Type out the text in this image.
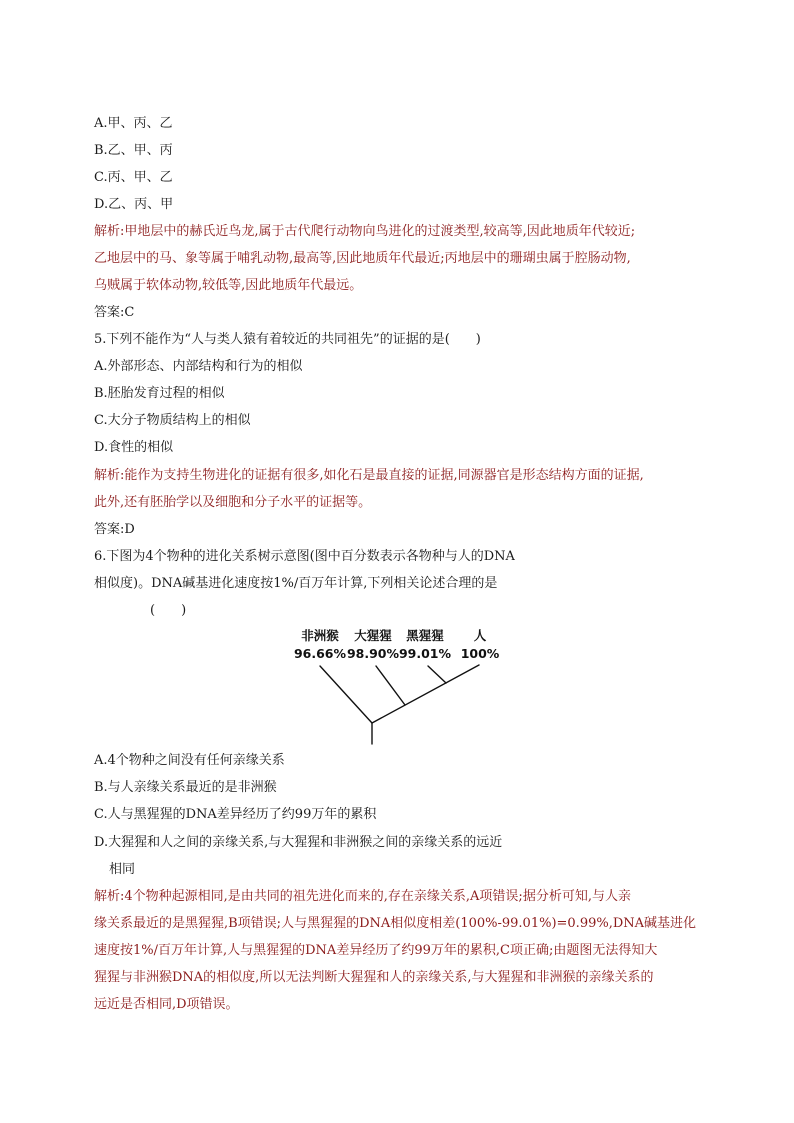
A.甲、丙、乙
B.乙、甲、丙
C.丙、甲、乙
D.乙、丙、甲
解析:甲地层中的赫氏近鸟龙,属于古代爬行动物向鸟进化的过渡类型,较高等,因此地质年代较近;
乙地层中的马、象等属于哺乳动物,最高等,因此地质年代最近;丙地层中的珊瑚虫属于腔肠动物,
乌贼属于软体动物,较低等,因此地质年代最远。
答案:C
5.下列不能作为“人与类人猿有着较近的共同祖先”的证据的是(　　)
A.外部形态、内部结构和行为的相似
B.胚胎发育过程的相似
C.大分子物质结构上的相似
D.食性的相似
解析:能作为支持生物进化的证据有很多,如化石是最直接的证据,同源器官是形态结构方面的证据,
此外,还有胚胎学以及细胞和分子水平的证据等。
答案:D
6.下图为4个物种的进化关系树示意图(图中百分数表示各物种与人的DNA
相似度)。DNA碱基进化速度按1%/百万年计算,下列相关论述合理的是
(　　)
非洲猴	大猩猩	黑猩猩	人
96.66% 98.90% 99.01% 100%
A.4个物种之间没有任何亲缘关系
B.与人亲缘关系最近的是非洲猴
C.人与黑猩猩的DNA差异经历了约99万年的累积
D.大猩猩和人之间的亲缘关系,与大猩猩和非洲猴之间的亲缘关系的远近
相同
解析:4个物种起源相同,是由共同的祖先进化而来的,存在亲缘关系,A项错误;据分析可知,与人亲
缘关系最近的是黑猩猩,B项错误;人与黑猩猩的DNA相似度相差(100%-99.01%)=0.99%,DNA碱基进化
速度按1%/百万年计算,人与黑猩猩的DNA差异经历了约99万年的累积,C项正确;由题图无法得知大
猩猩与非洲猴DNA的相似度,所以无法判断大猩猩和人的亲缘关系,与大猩猩和非洲猴的亲缘关系的
远近是否相同,D项错误。
